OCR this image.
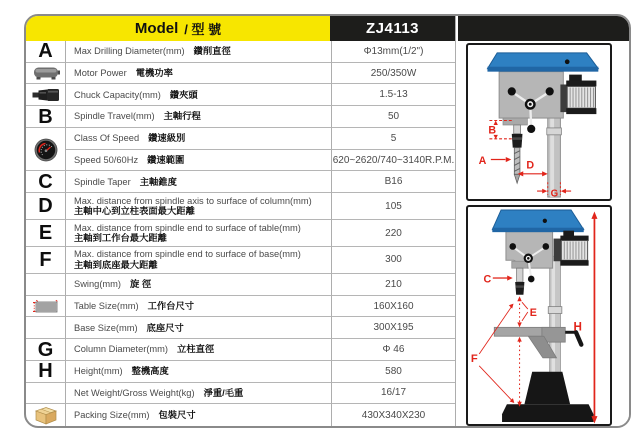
Model / 型 號	ZJ4113
A Max Drilling Diameter(mm) 鑽削直徑	Φ13mm(1/2")
Motor Power 電機功率	250/350W
Chuck Capacity(mm) 鑽夾頭	1.5-13
B Spindle Travel(mm) 主軸行程	50
Class Of Speed 鑽速級別	5
Speed 50/60Hz 鑽速範圍	620~2620/740~3140R.P.M.
C Spindle Taper 主軸錐度	B16
D Max. distance from spindle axis to surface of column(mm)
主軸中心到立柱表面最大距離	105
E Max. distance from spindle end to surface of table(mm)
主軸到工作台最大距離	220
F Max. distance from spindle end to surface of base(mm)
主軸到底座最大距離	300
Swing(mm) 旋 徑	210
Table Size(mm) 工作台尺寸	160X160
Base Size(mm) 底座尺寸	300X195
G Column Diameter(mm) 立柱直徑	Φ 46
H Height(mm) 整機高度	580
Net Weight/Gross Weight(kg) 淨重/毛重	16/17
Packing Size(mm) 包裝尺寸	430X340X230
B
A	D
G
C
E
F
H
